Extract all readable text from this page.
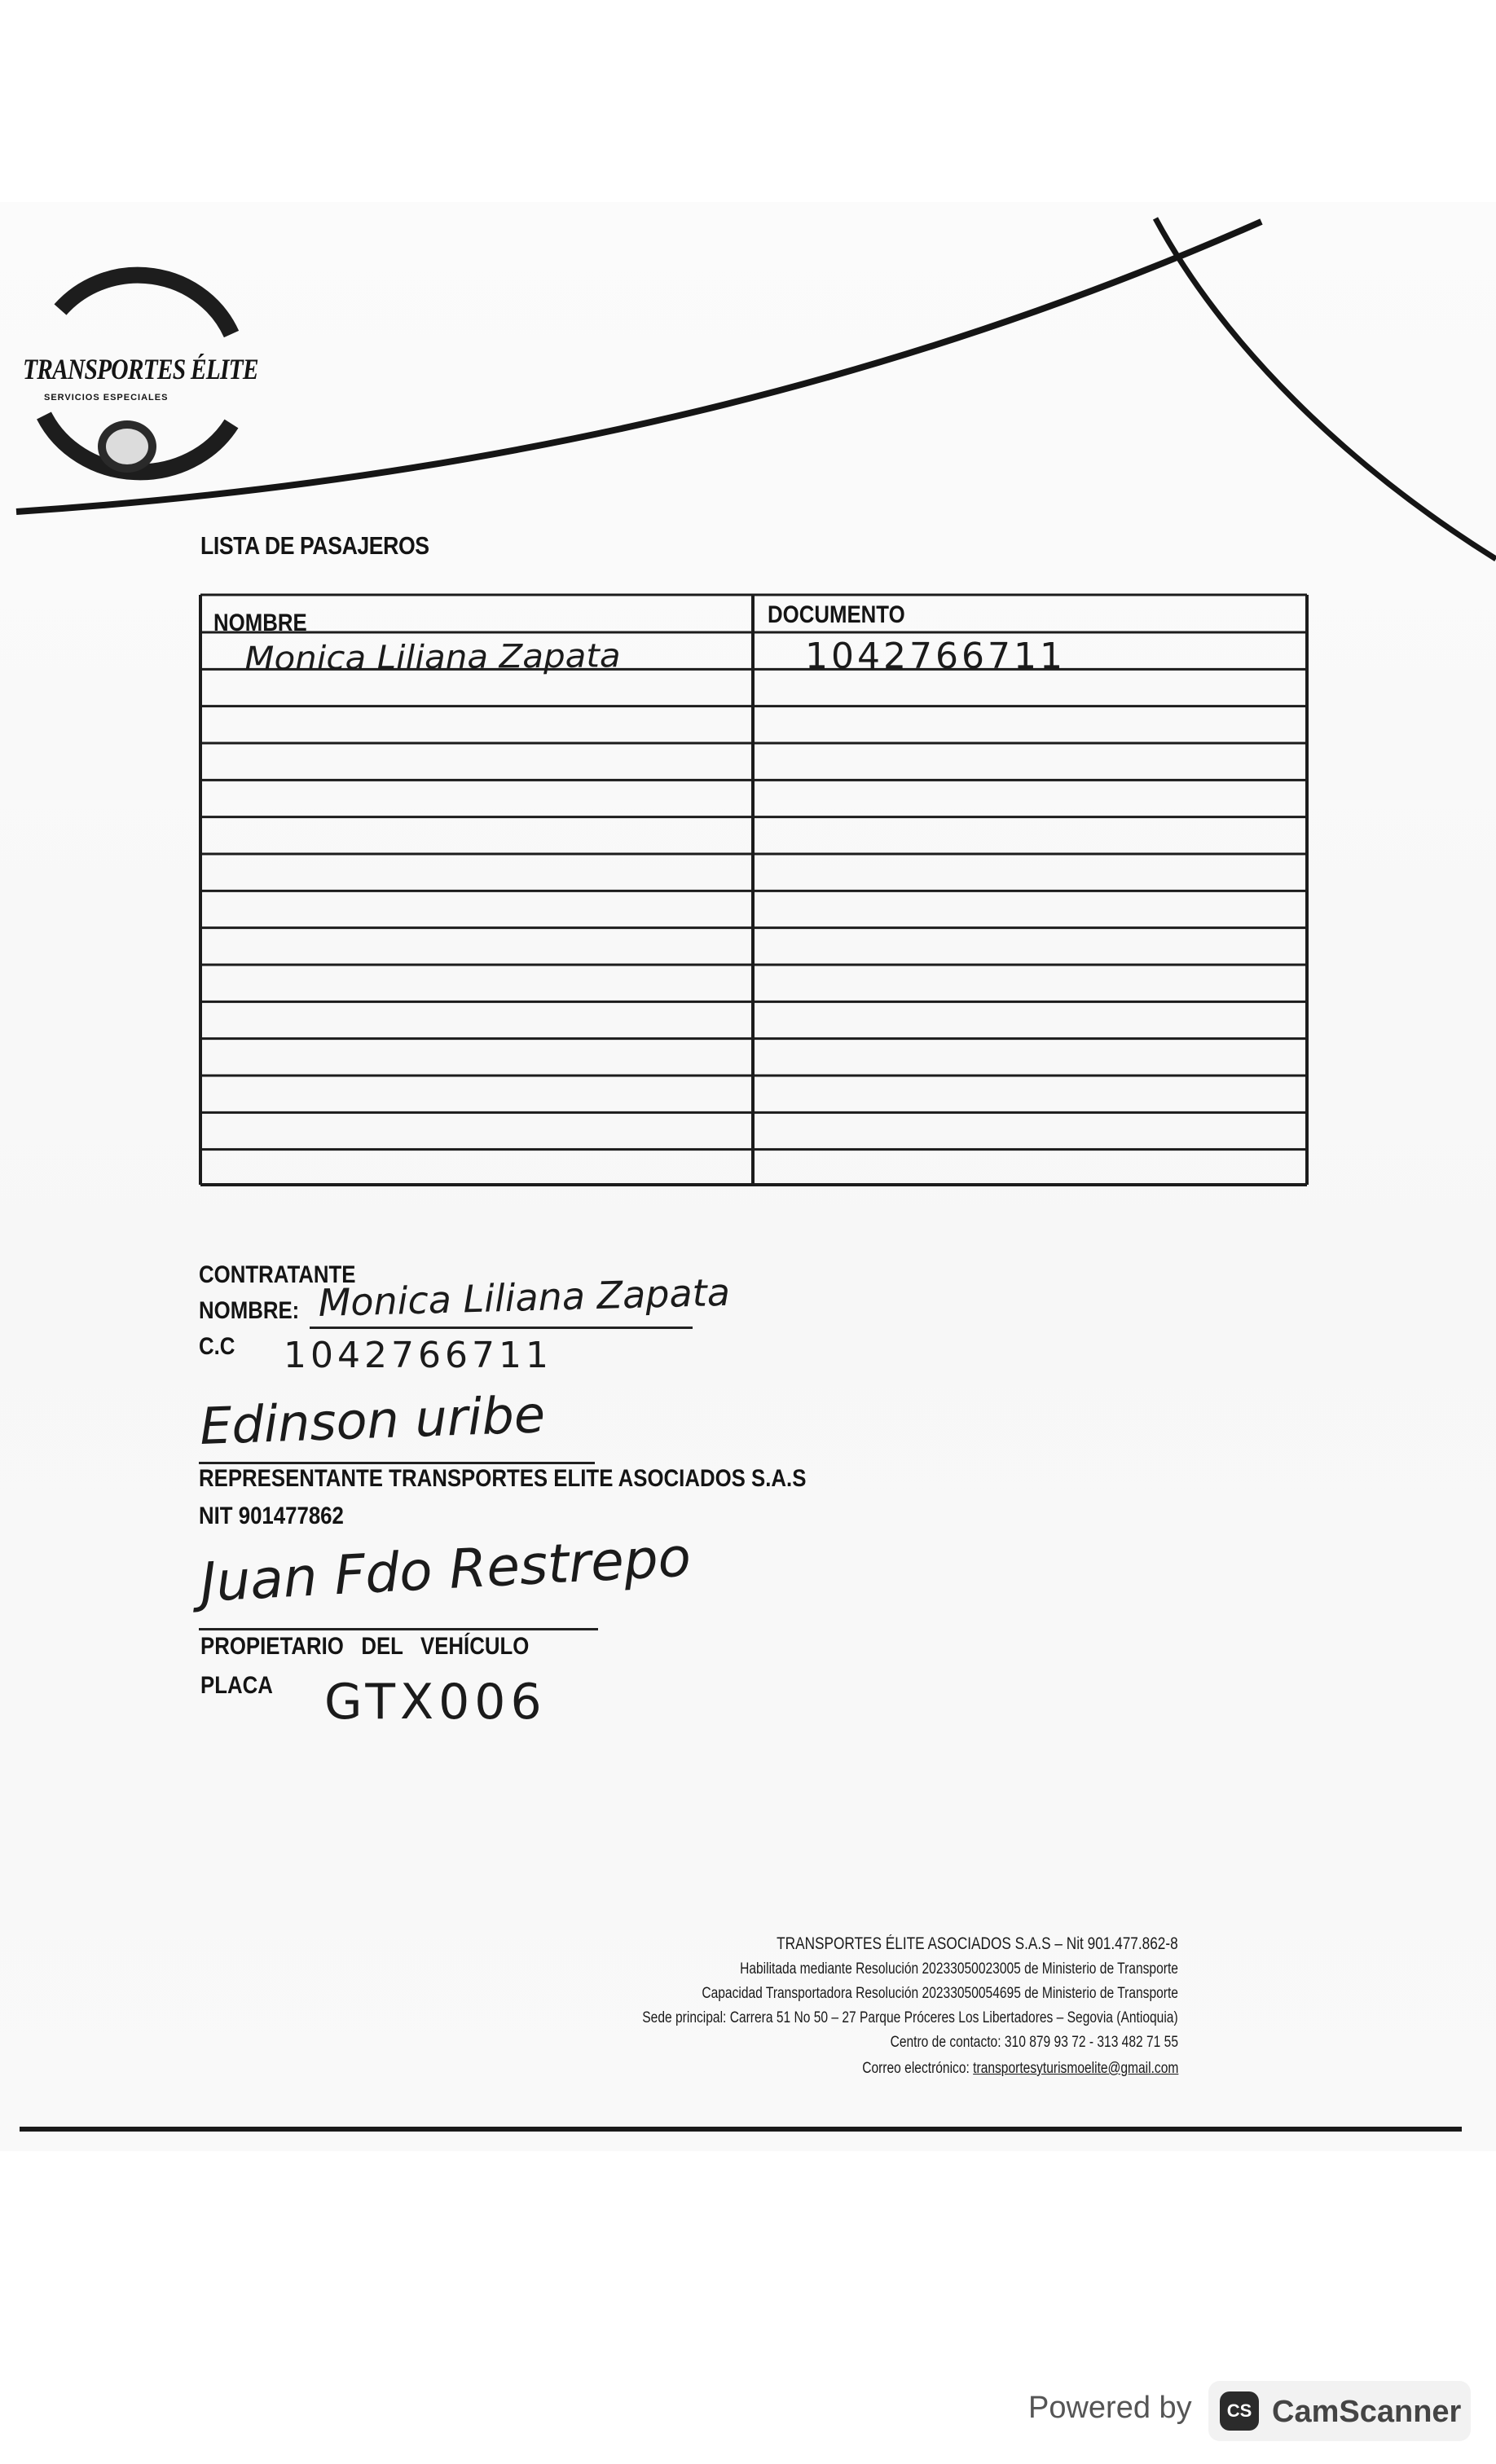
TRANSPORTES ÉLITE
SERVICIOS ESPECIALES
LISTA DE PASAJEROS
NOMBRE	DOCUMENTO
Monica Liliana Zapata	1042766711
CONTRATANTE
NOMBRE: Monica Liliana Zapata
C.C 1042766711
Edinson uribe
REPRESENTANTE TRANSPORTES ELITE ASOCIADOS S.A.S
NIT 901477862
Juan Fdo Restrepo
PROPIETARIO   DEL   VEHÍCULO
PLACA GTX006
TRANSPORTES ÉLITE ASOCIADOS S.A.S – Nit 901.477.862-8
Habilitada mediante Resolución 20233050023005 de Ministerio de Transporte
Capacidad Transportadora Resolución 20233050054695 de Ministerio de Transporte
Sede principal: Carrera 51 No 50 – 27 Parque Próceres Los Libertadores – Segovia (Antioquia)
Centro de contacto: 310 879 93 72 - 313 482 71 55
Correo electrónico: transportesyturismoelite@gmail.com
Powered by	CS CamScanner
